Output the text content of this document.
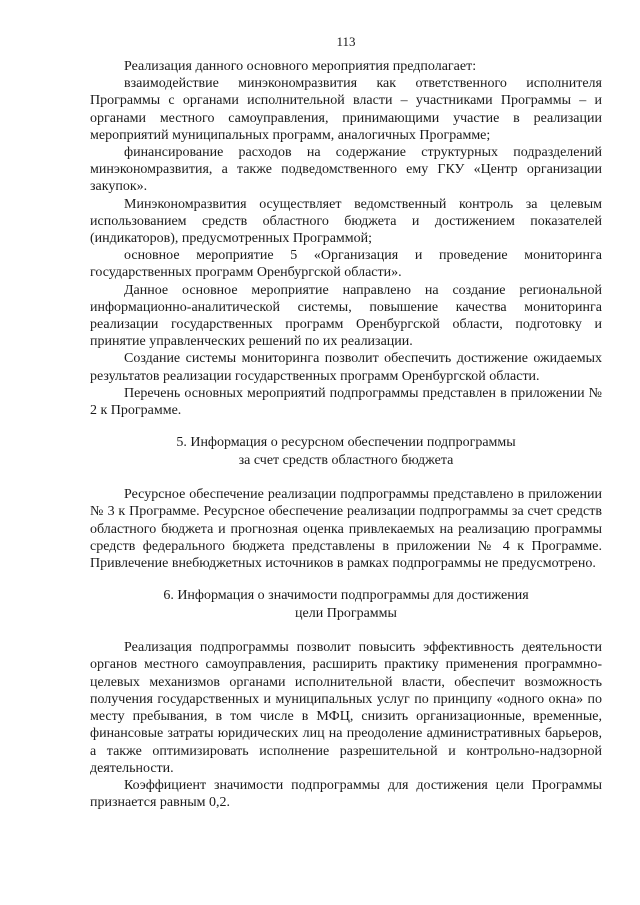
113

Реализация данного основного мероприятия предполагает:

взаимодействие минэкономразвития как ответственного исполнителя Программы с органами исполнительной власти – участниками Программы – и органами местного самоуправления, принимающими участие в реализации мероприятий муниципальных программ, аналогичных Программе;

финансирование расходов на содержание структурных подразделений минэкономразвития, а также подведомственного ему ГКУ «Центр организации закупок».

Минэкономразвития осуществляет ведомственный контроль за целевым использованием средств областного бюджета и достижением показателей (индикаторов), предусмотренных Программой;

основное мероприятие 5 «Организация и проведение мониторинга государственных программ Оренбургской области».

Данное основное мероприятие направлено на создание региональной информационно-аналитической системы, повышение качества мониторинга реализации государственных программ Оренбургской области, подготовку и принятие управленческих решений по их реализации.

Создание системы мониторинга позволит обеспечить достижение ожидаемых результатов реализации государственных программ Оренбургской области.

Перечень основных мероприятий подпрограммы представлен в приложении № 2 к Программе.

5. Информация о ресурсном обеспечении подпрограммы
за счет средств областного бюджета

Ресурсное обеспечение реализации подпрограммы представлено в приложении № 3 к Программе. Ресурсное обеспечение реализации подпрограммы за счет средств областного бюджета и прогнозная оценка привлекаемых на реализацию программы средств федерального бюджета представлены в приложении № 4 к Программе. Привлечение внебюджетных источников в рамках подпрограммы не предусмотрено.

6. Информация о значимости подпрограммы для достижения
цели Программы

Реализация подпрограммы позволит повысить эффективность деятельности органов местного самоуправления, расширить практику применения программно-целевых механизмов органами исполнительной власти, обеспечит возможность получения государственных и муниципальных услуг по принципу «одного окна» по месту пребывания, в том числе в МФЦ, снизить организационные, временные, финансовые затраты юридических лиц на преодоление административных барьеров, а также оптимизировать исполнение разрешительной и контрольно-надзорной деятельности.

Коэффициент значимости подпрограммы для достижения цели Программы признается равным 0,2.
